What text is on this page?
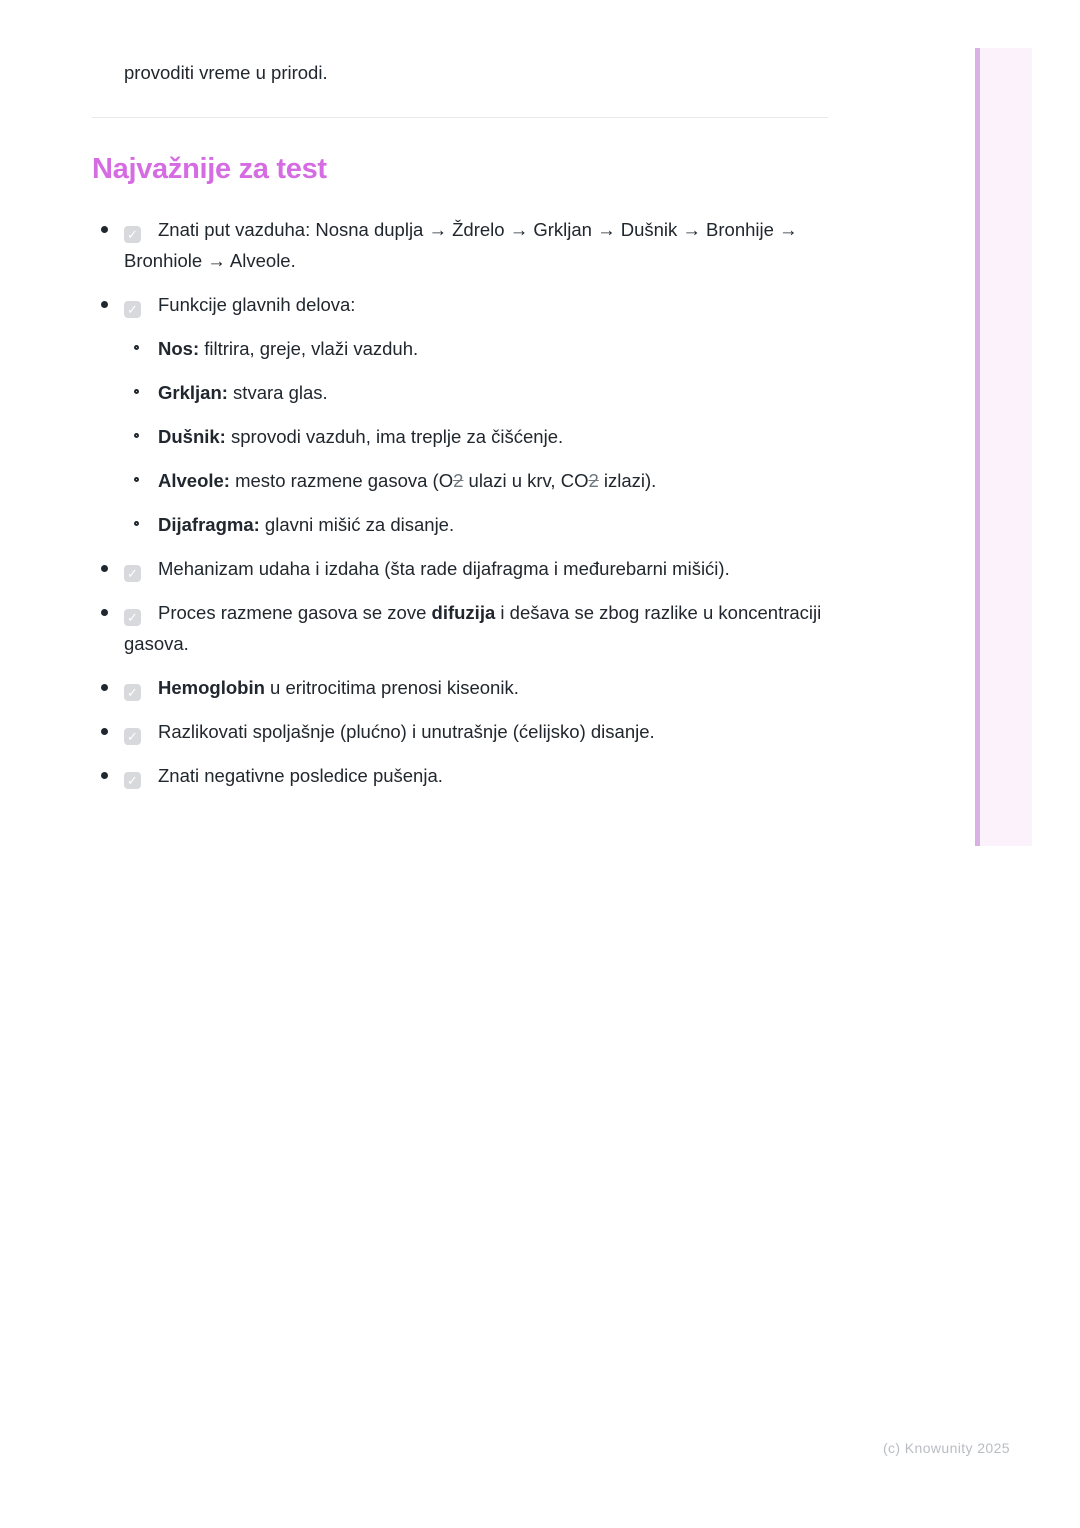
provoditi vreme u prirodi.

Najvažnije za test
✓ Znati put vazduha: Nosna duplja → Ždrelo → Grkljan → Dušnik → Bronhije → Bronhiole → Alveole.
✓ Funkcije glavnih delova:
Nos: filtrira, greje, vlaži vazduh.
Grkljan: stvara glas.
Dušnik: sprovodi vazduh, ima treplje za čišćenje.
Alveole: mesto razmene gasova (O2 ulazi u krv, CO2 izlazi).
Dijafragma: glavni mišić za disanje.
✓ Mehanizam udaha i izdaha (šta rade dijafragma i međurebarni mišići).
✓ Proces razmene gasova se zove difuzija i dešava se zbog razlike u koncentraciji gasova.
✓ Hemoglobin u eritrocitima prenosi kiseonik.
✓ Razlikovati spoljašnje (plućno) i unutrašnje (ćelijsko) disanje.
✓ Znati negativne posledice pušenja.
(c) Knowunity 2025
